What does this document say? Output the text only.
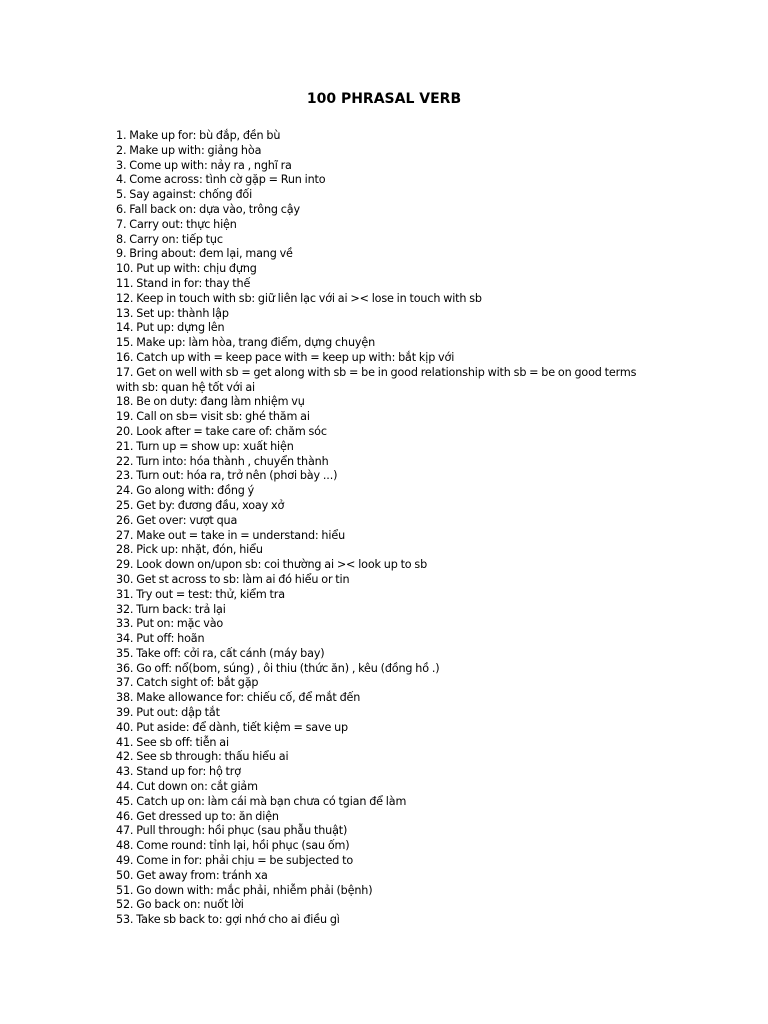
100 PHRASAL VERB
1. Make up for: bù đắp, đền bù
2. Make up with: giảng hòa
3. Come up with: nảy ra , nghĩ ra
4. Come across: tình cờ gặp = Run into
5. Say against: chống đối
6. Fall back on: dựa vào, trông cậy
7. Carry out: thực hiện
8. Carry on: tiếp tục
9. Bring about: đem lại, mang về
10. Put up with: chịu đựng
11. Stand in for: thay thế
12. Keep in touch with sb: giữ liên lạc với ai >< lose in touch with sb
13. Set up: thành lập
14. Put up: dựng lên
15. Make up: làm hòa, trang điểm, dựng chuyện
16. Catch up with = keep pace with = keep up with: bắt kịp với
17. Get on well with sb = get along with sb = be in good relationship with sb = be on good terms with sb: quan hệ tốt với ai
18. Be on duty: đang làm nhiệm vụ
19. Call on sb= visit sb: ghé thăm ai
20. Look after = take care of: chăm sóc
21. Turn up = show up: xuất hiện
22. Turn into: hóa thành , chuyển thành
23. Turn out: hóa ra, trở nên (phơi bày ...)
24. Go along with: đồng ý
25. Get by: đương đầu, xoay xở
26. Get over: vượt qua
27. Make out = take in = understand: hiểu
28. Pick up: nhặt, đón, hiểu
29. Look down on/upon sb: coi thường ai >< look up to sb
30. Get st across to sb: làm ai đó hiểu or tin
31. Try out = test: thử, kiểm tra
32. Turn back: trả lại
33. Put on: mặc vào
34. Put off: hoãn
35. Take off: cởi ra, cất cánh (máy bay)
36. Go off: nổ(bom, súng) , ôi thiu (thức ăn) , kêu (đồng hồ .)
37. Catch sight of: bắt gặp
38. Make allowance for: chiếu cố, để mắt đến
39. Put out: dập tắt
40. Put aside: để dành, tiết kiệm = save up
41. See sb off: tiễn ai
42. See sb through: thấu hiểu ai
43. Stand up for: hộ trợ
44. Cut down on: cắt giảm
45. Catch up on: làm cái mà bạn chưa có tgian để làm
46. Get dressed up to: ăn diện
47. Pull through: hồi phục (sau phẫu thuật)
48. Come round: tỉnh lại, hồi phục (sau ốm)
49. Come in for: phải chịu = be subjected to
50. Get away from: tránh xa
51. Go down with: mắc phải, nhiễm phải (bệnh)
52. Go back on: nuốt lời
53. Take sb back to: gợi nhớ cho ai điều gì
